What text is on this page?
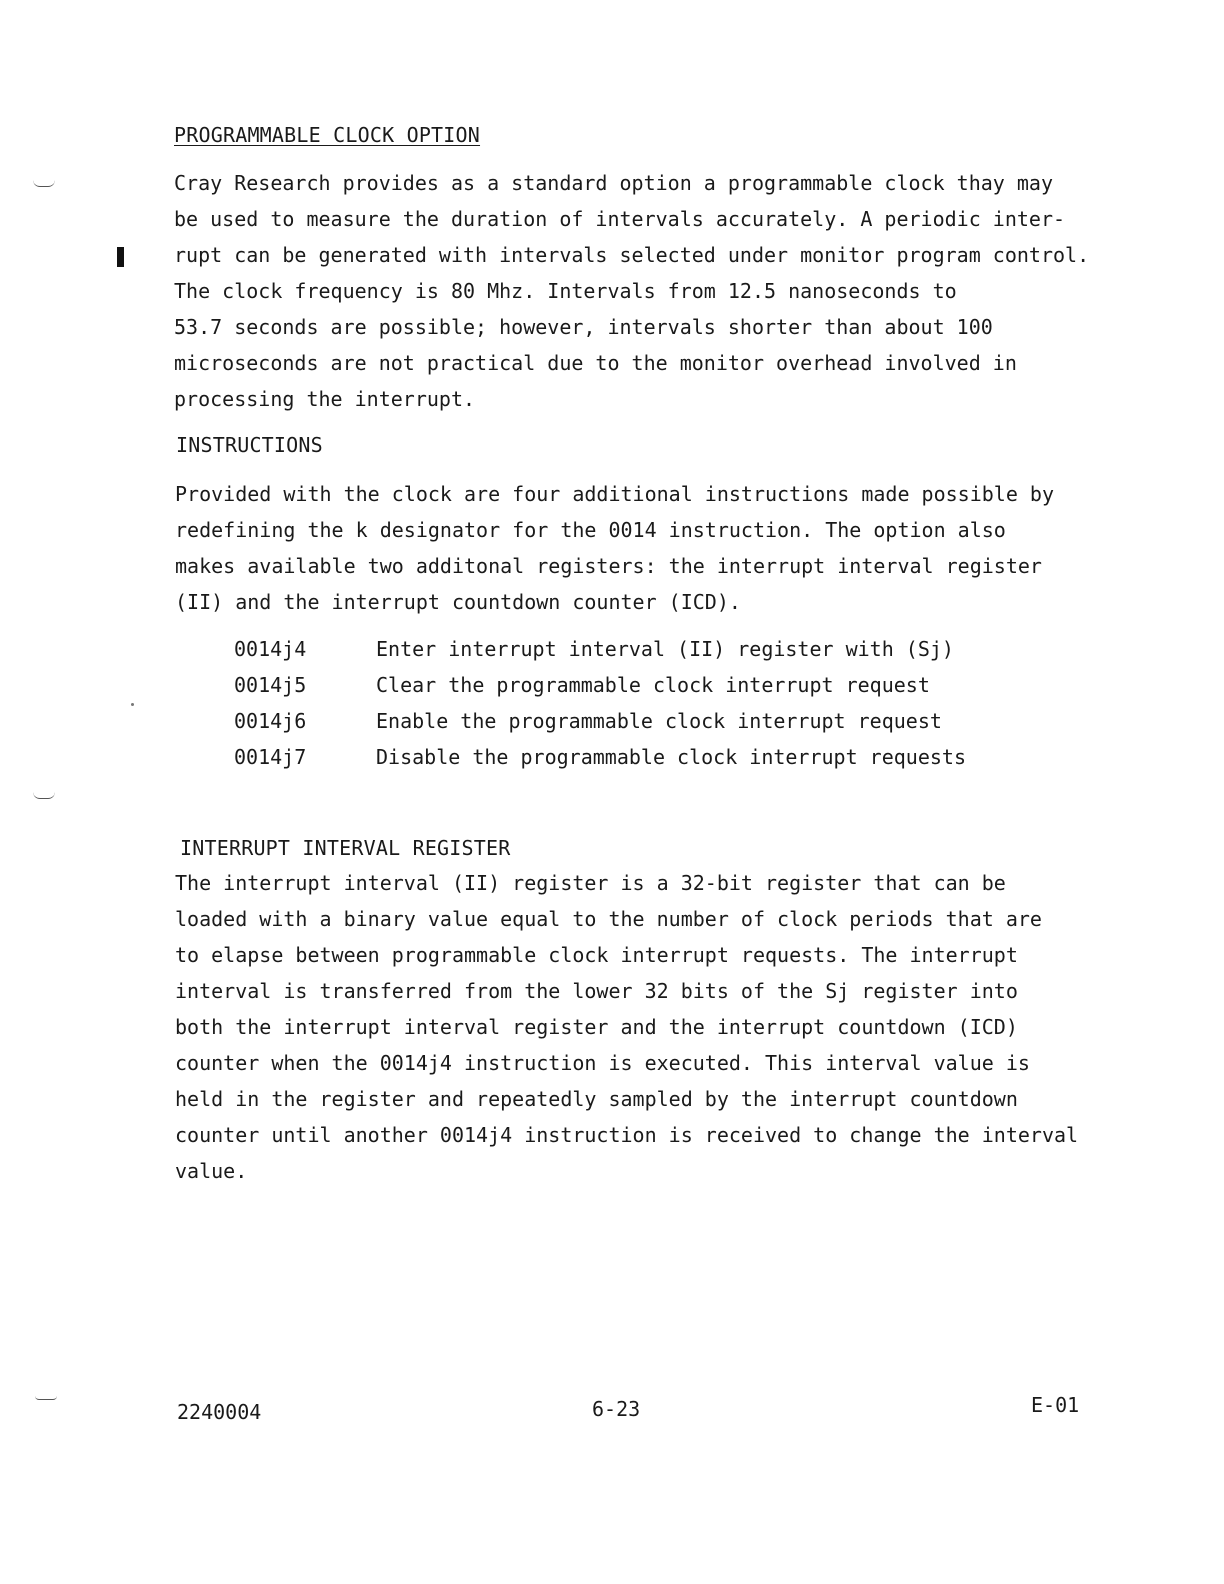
PROGRAMMABLE CLOCK OPTION
Cray Research provides as a standard option a programmable clock thay may
be used to measure the duration of intervals accurately. A periodic inter-
rupt can be generated with intervals selected under monitor program control.
The clock frequency is 80 Mhz. Intervals from 12.5 nanoseconds to
53.7 seconds are possible; however, intervals shorter than about 100
microseconds are not practical due to the monitor overhead involved in
processing the interrupt.
INSTRUCTIONS
Provided with the clock are four additional instructions made possible by
redefining the k designator for the 0014 instruction. The option also
makes available two additonal registers: the interrupt interval register
(II) and the interrupt countdown counter (ICD).
0014j4	Enter interrupt interval (II) register with (Sj)
0014j5	Clear the programmable clock interrupt request
0014j6	Enable the programmable clock interrupt request
0014j7	Disable the programmable clock interrupt requests
INTERRUPT INTERVAL REGISTER
The interrupt interval (II) register is a 32-bit register that can be
loaded with a binary value equal to the number of clock periods that are
to elapse between programmable clock interrupt requests. The interrupt
interval is transferred from the lower 32 bits of the Sj register into
both the interrupt interval register and the interrupt countdown (ICD)
counter when the 0014j4 instruction is executed. This interval value is
held in the register and repeatedly sampled by the interrupt countdown
counter until another 0014j4 instruction is received to change the interval
value.
2240004	6-23	E-01
